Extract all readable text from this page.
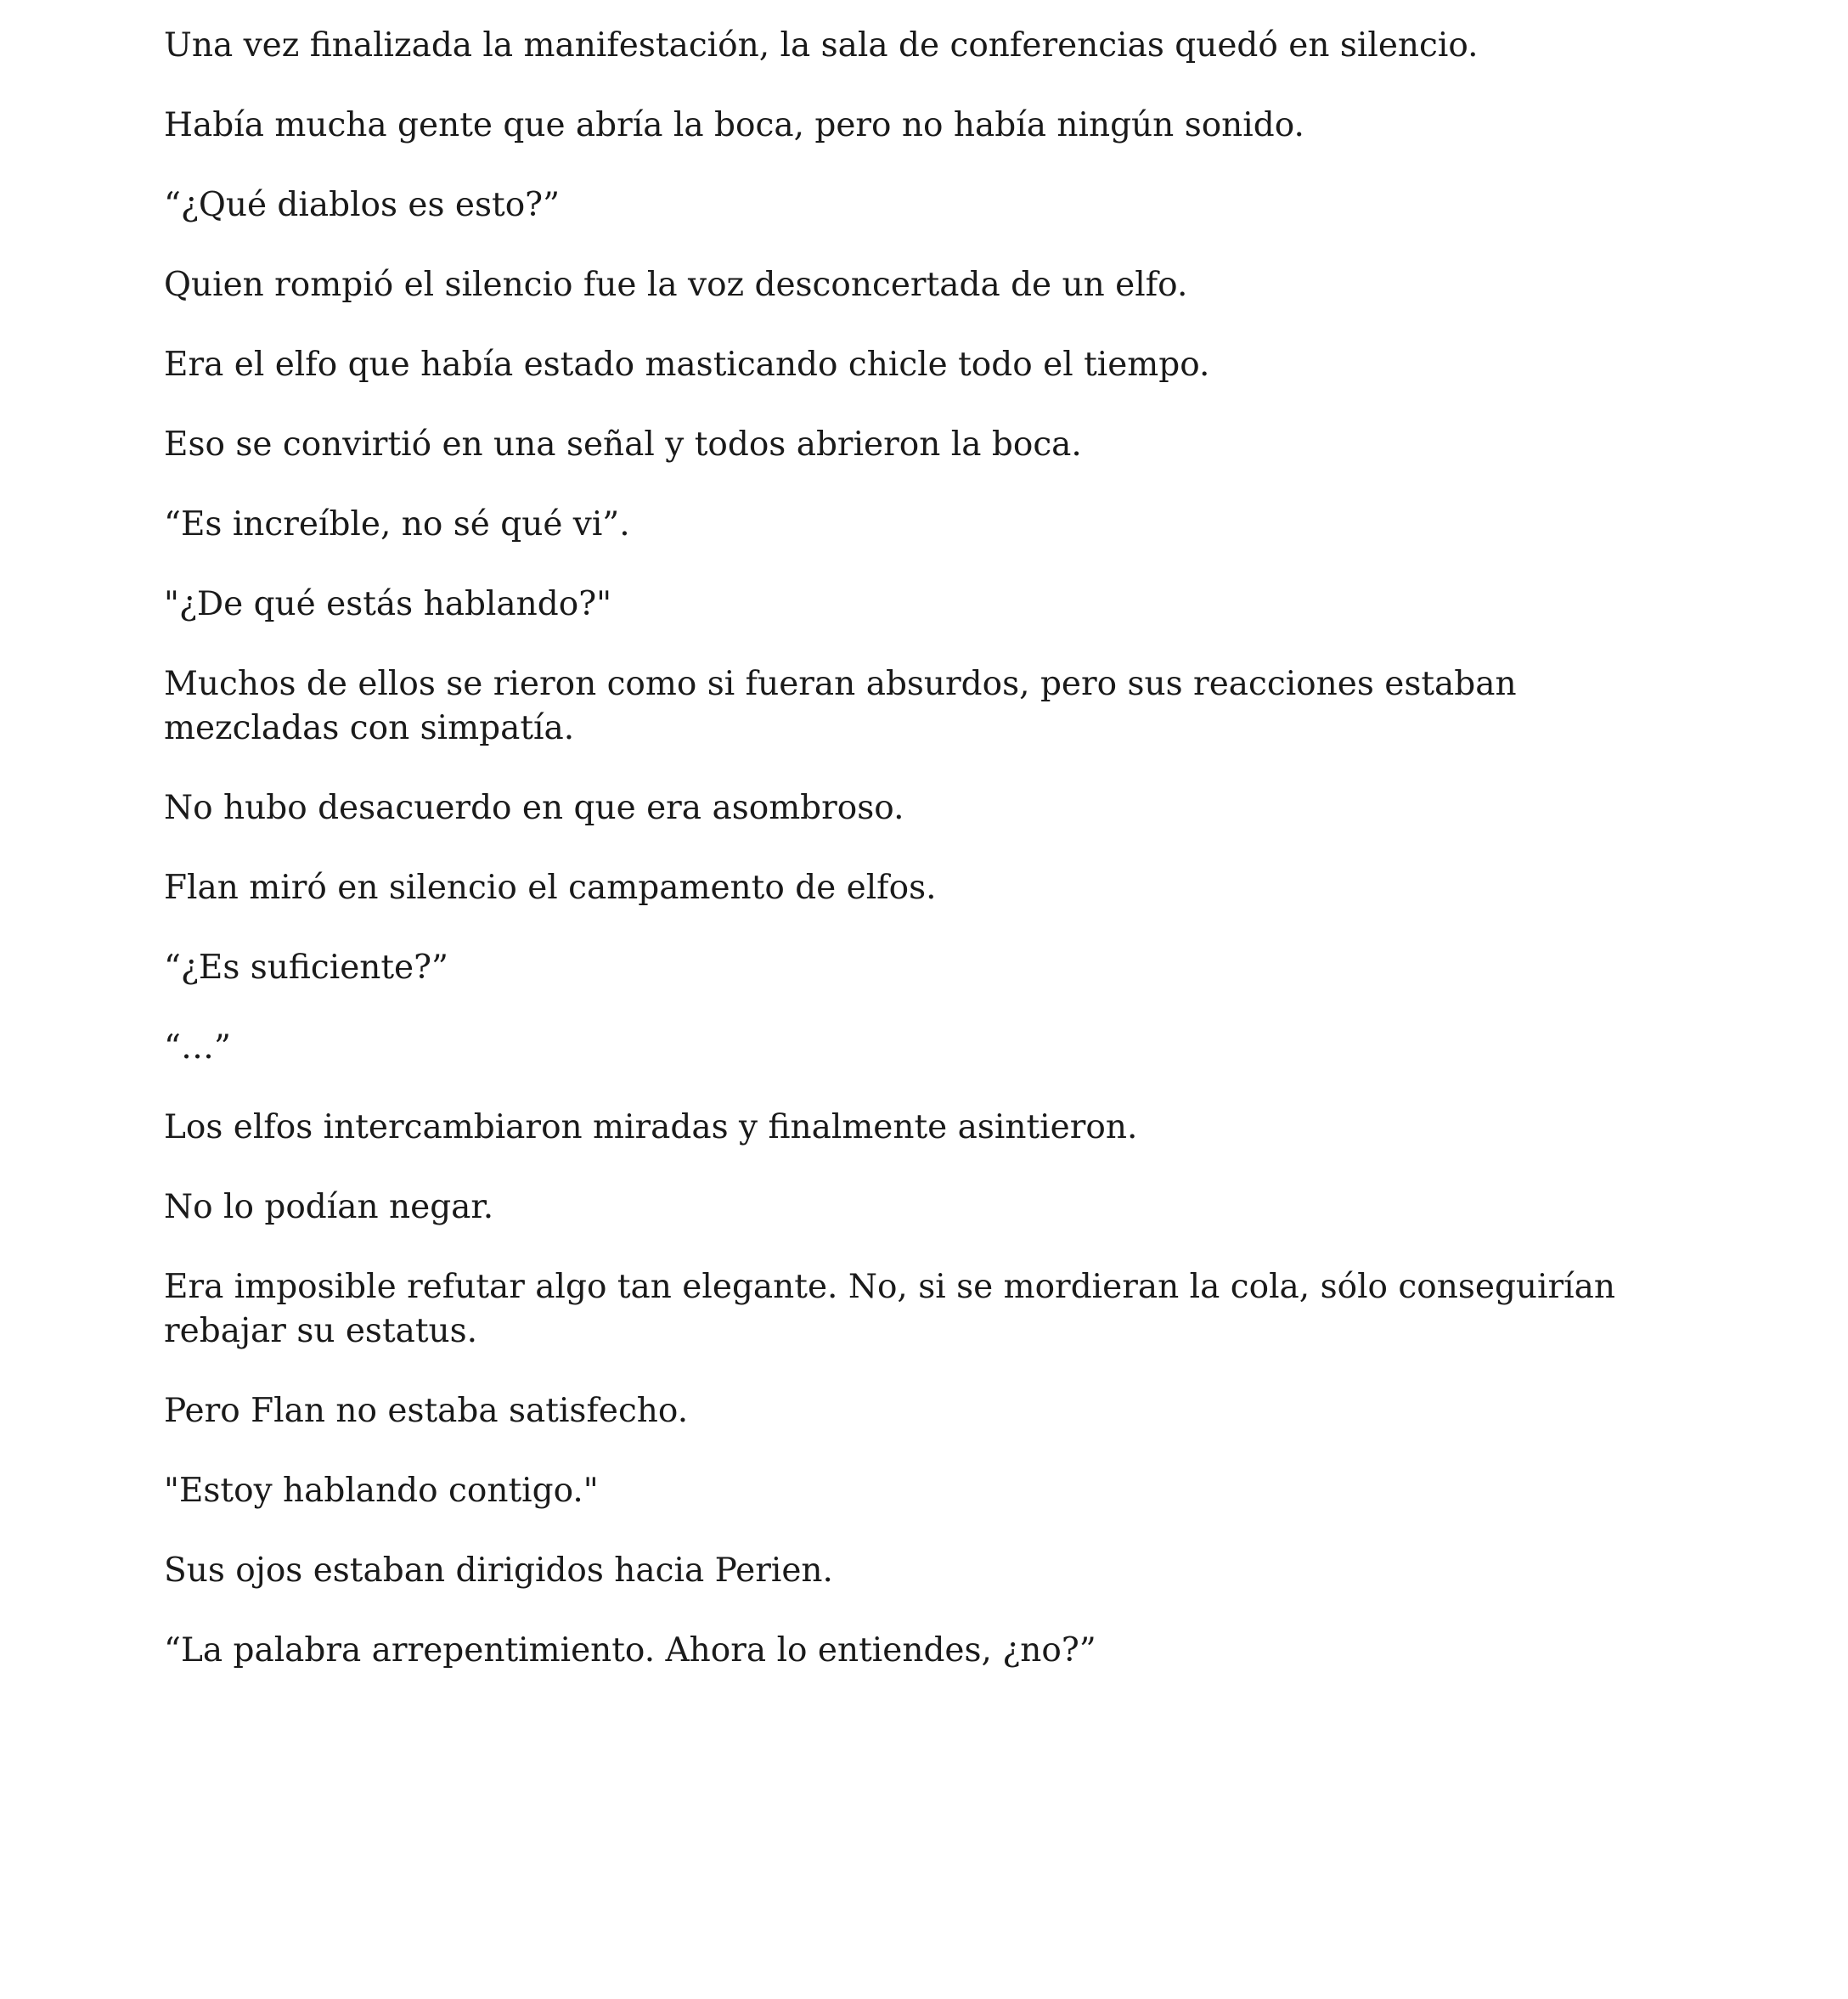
Una vez finalizada la manifestación, la sala de conferencias quedó en silencio.

Había mucha gente que abría la boca, pero no había ningún sonido.

“¿Qué diablos es esto?”

Quien rompió el silencio fue la voz desconcertada de un elfo.

Era el elfo que había estado masticando chicle todo el tiempo.

Eso se convirtió en una señal y todos abrieron la boca.

“Es increíble, no sé qué vi”.

"¿De qué estás hablando?"

Muchos de ellos se rieron como si fueran absurdos, pero sus reacciones estaban mezcladas con simpatía.

No hubo desacuerdo en que era asombroso.

Flan miró en silencio el campamento de elfos.

“¿Es suficiente?”

“…”

Los elfos intercambiaron miradas y finalmente asintieron.

No lo podían negar.

Era imposible refutar algo tan elegante. No, si se mordieran la cola, sólo conseguirían rebajar su estatus.

Pero Flan no estaba satisfecho.

"Estoy hablando contigo."

Sus ojos estaban dirigidos hacia Perien.

“La palabra arrepentimiento. Ahora lo entiendes, ¿no?”
